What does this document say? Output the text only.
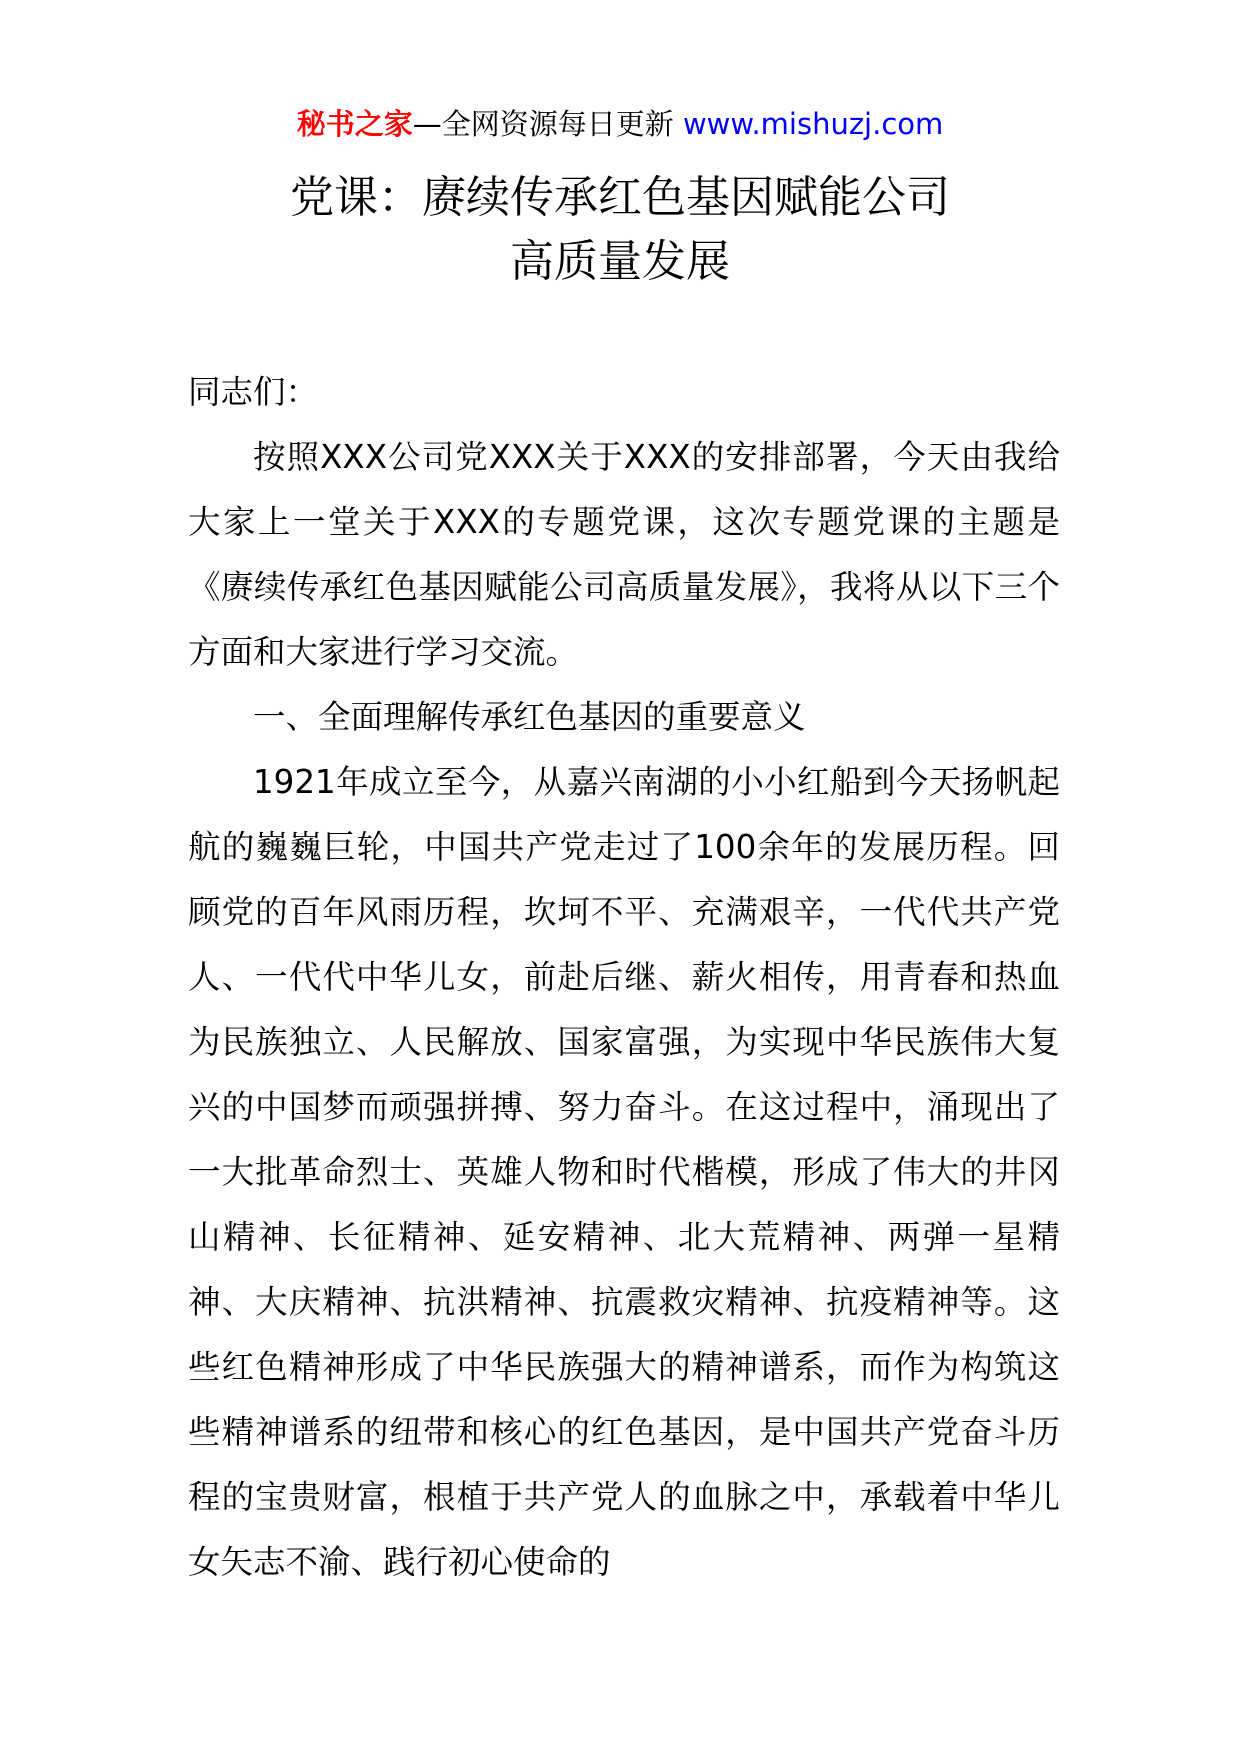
秘书之家—全网资源每日更新 www.mishuzj.com
党课：赓续传承红色基因赋能公司
高质量发展

同志们：

按照XXX公司党XXX关于XXX的安排部署，今天由我给大家上一堂关于XXX的专题党课，这次专题党课的主题是《赓续传承红色基因赋能公司高质量发展》，我将从以下三个方面和大家进行学习交流。

一、全面理解传承红色基因的重要意义

1921年成立至今，从嘉兴南湖的小小红船到今天扬帆起航的巍巍巨轮，中国共产党走过了100余年的发展历程。回顾党的百年风雨历程，坎坷不平、充满艰辛，一代代共产党人、一代代中华儿女，前赴后继、薪火相传，用青春和热血为民族独立、人民解放、国家富强，为实现中华民族伟大复兴的中国梦而顽强拼搏、努力奋斗。在这过程中，涌现出了一大批革命烈士、英雄人物和时代楷模，形成了伟大的井冈山精神、长征精神、延安精神、北大荒精神、两弹一星精神、大庆精神、抗洪精神、抗震救灾精神、抗疫精神等。这些红色精神形成了中华民族强大的精神谱系，而作为构筑这些精神谱系的纽带和核心的红色基因，是中国共产党奋斗历程的宝贵财富，根植于共产党人的血脉之中，承载着中华儿女矢志不渝、践行初心使命的
